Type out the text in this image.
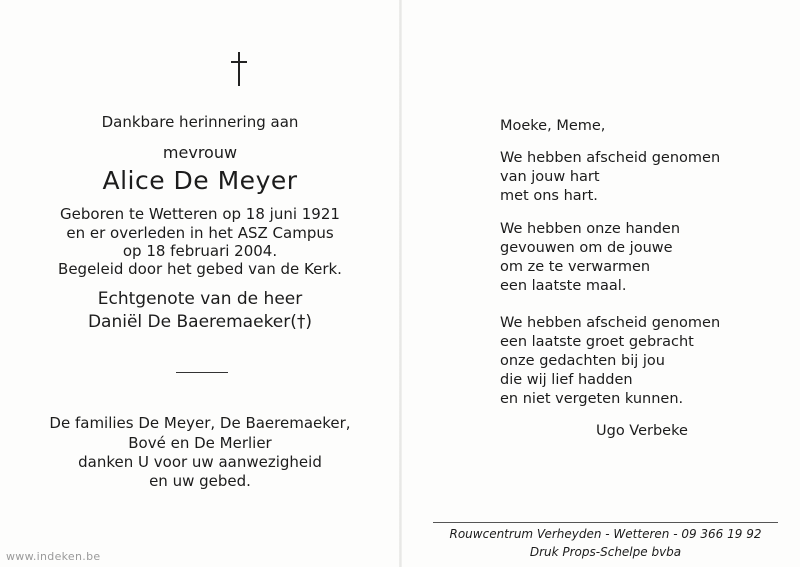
Dankbare herinnering aan
mevrouw
Alice De Meyer
Geboren te Wetteren op 18 juni 1921
en er overleden in het ASZ Campus
op 18 februari 2004.
Begeleid door het gebed van de Kerk.
Echtgenote van de heer
Daniël De Baeremaeker(†)
De families De Meyer, De Baeremaeker,
Bové en De Merlier
danken U voor uw aanwezigheid
en uw gebed.
Moeke, Meme,
We hebben afscheid genomen
van jouw hart
met ons hart.
We hebben onze handen
gevouwen om de jouwe
om ze te verwarmen
een laatste maal.
We hebben afscheid genomen
een laatste groet gebracht
onze gedachten bij jou
die wij lief hadden
en niet vergeten kunnen.
Ugo Verbeke
Rouwcentrum Verheyden - Wetteren - 09 366 19 92
Druk Props-Schelpe bvba
www.indeken.be
